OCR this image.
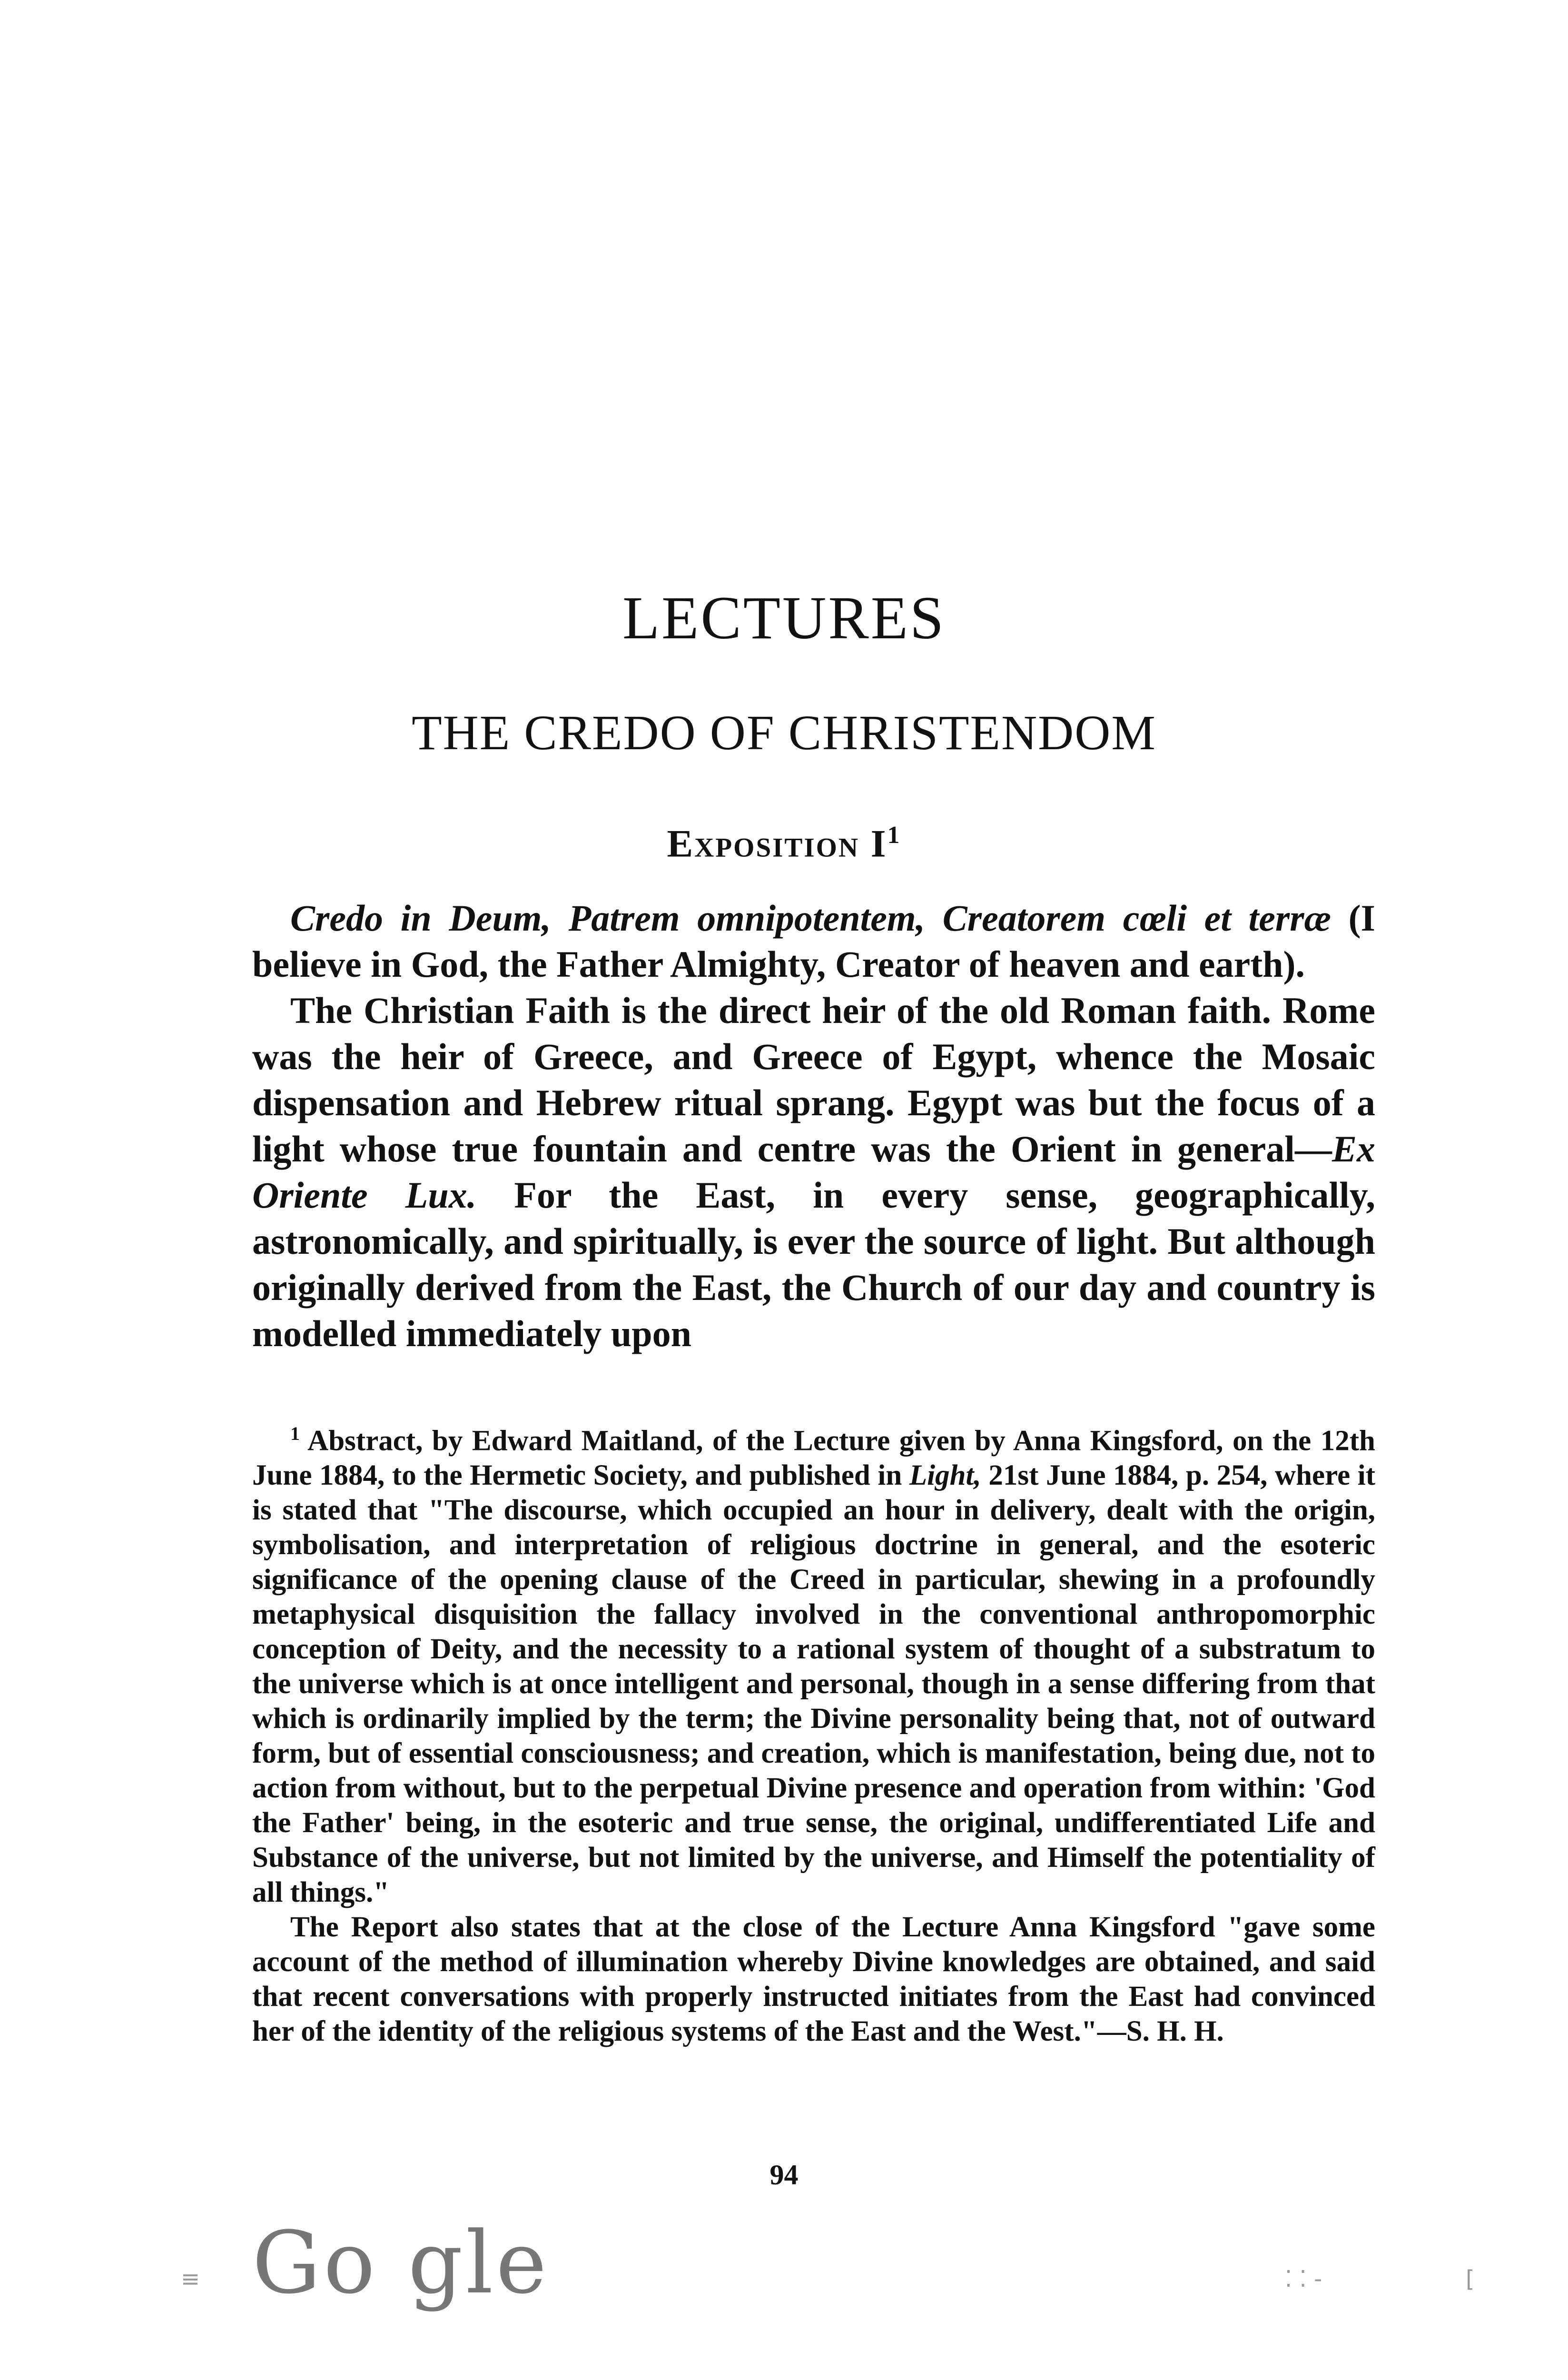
LECTURES
THE CREDO OF CHRISTENDOM
Exposition $I^1$

Credo in Deum, Patrem omnipotentem, Creatorem cœli et terræ (I believe in God, the Father Almighty, Creator of heaven and earth).

The Christian Faith is the direct heir of the old Roman faith. Rome was the heir of Greece, and Greece of Egypt, whence the Mosaic dispensation and Hebrew ritual sprang. Egypt was but the focus of a light whose true fountain and centre was the Orient in general—Ex Oriente Lux. For the East, in every sense, geographically, astronomically, and spiritually, is ever the source of light. But although originally derived from the East, the Church of our day and country is modelled immediately upon

$^1$ Abstract, by Edward Maitland, of the Lecture given by Anna Kingsford, on the 12th June 1884, to the Hermetic Society, and published in Light, 21st June 1884, p. 254, where it is stated that "The discourse, which occupied an hour in delivery, dealt with the origin, symbolisation, and interpretation of religious doctrine in general, and the esoteric significance of the opening clause of the Creed in particular, shewing in a profoundly metaphysical disquisition the fallacy involved in the conventional anthropomorphic conception of Deity, and the necessity to a rational system of thought of a substratum to the universe which is at once intelligent and personal, though in a sense differing from that which is ordinarily implied by the term; the Divine personality being that, not of outward form, but of essential consciousness; and creation, which is manifestation, being due, not to action from without, but to the perpetual Divine presence and operation from within: 'God the Father' being, in the esoteric and true sense, the original, undifferentiated Life and Substance of the universe, but not limited by the universe, and Himself the potentiality of all things."

The Report also states that at the close of the Lecture Anna Kingsford "gave some account of the method of illumination whereby Divine knowledges are obtained, and said that recent conversations with properly instructed initiates from the East had convinced her of the identity of the religious systems of the East and the West."—S. H. H.

94
Go gle
≡	⁚ ⁚ -	[
